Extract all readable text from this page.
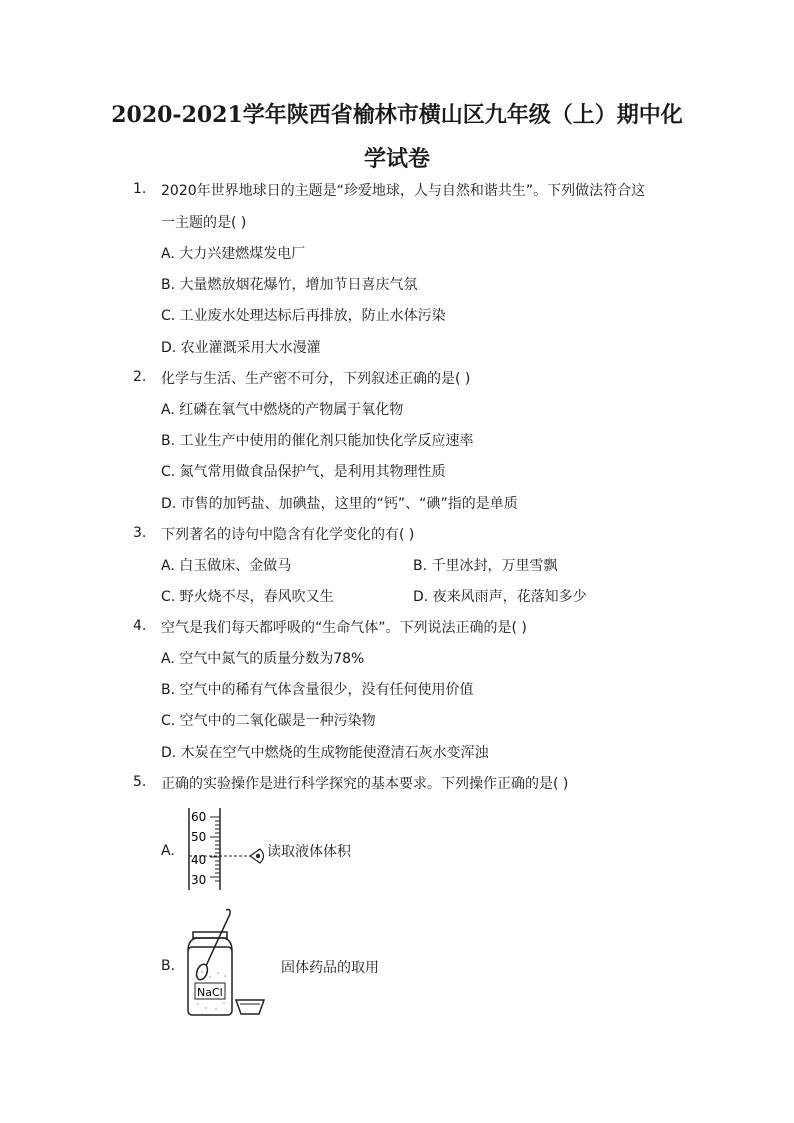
2020-2021学年陕西省榆林市横山区九年级（上）期中化
学试卷
1. 2020年世界地球日的主题是“珍爱地球，人与自然和谐共生”。下列做法符合这
一主题的是( )
A. 大力兴建燃煤发电厂
B. 大量燃放烟花爆竹，增加节日喜庆气氛
C. 工业废水处理达标后再排放，防止水体污染
D. 农业灌溉采用大水漫灌
2. 化学与生活、生产密不可分，下列叙述正确的是( )
A. 红磷在氧气中燃烧的产物属于氧化物
B. 工业生产中使用的催化剂只能加快化学反应速率
C. 氮气常用做食品保护气，是利用其物理性质
D. 市售的加钙盐、加碘盐，这里的“钙”、“碘”指的是单质
3. 下列著名的诗句中隐含有化学变化的有( )
A. 白玉做床、金做马	B. 千里冰封，万里雪飘
C. 野火烧不尽，春风吹又生	D. 夜来风雨声，花落知多少
4. 空气是我们每天都呼吸的“生命气体”。下列说法正确的是( )
A. 空气中氮气的质量分数为78%
B. 空气中的稀有气体含量很少，没有任何使用价值
C. 空气中的二氧化碳是一种污染物
D. 木炭在空气中燃烧的生成物能使澄清石灰水变浑浊
5. 正确的实验操作是进行科学探究的基本要求。下列操作正确的是( )
A.
60
50
40
30
读取液体体积
B.
NaCl
固体药品的取用
